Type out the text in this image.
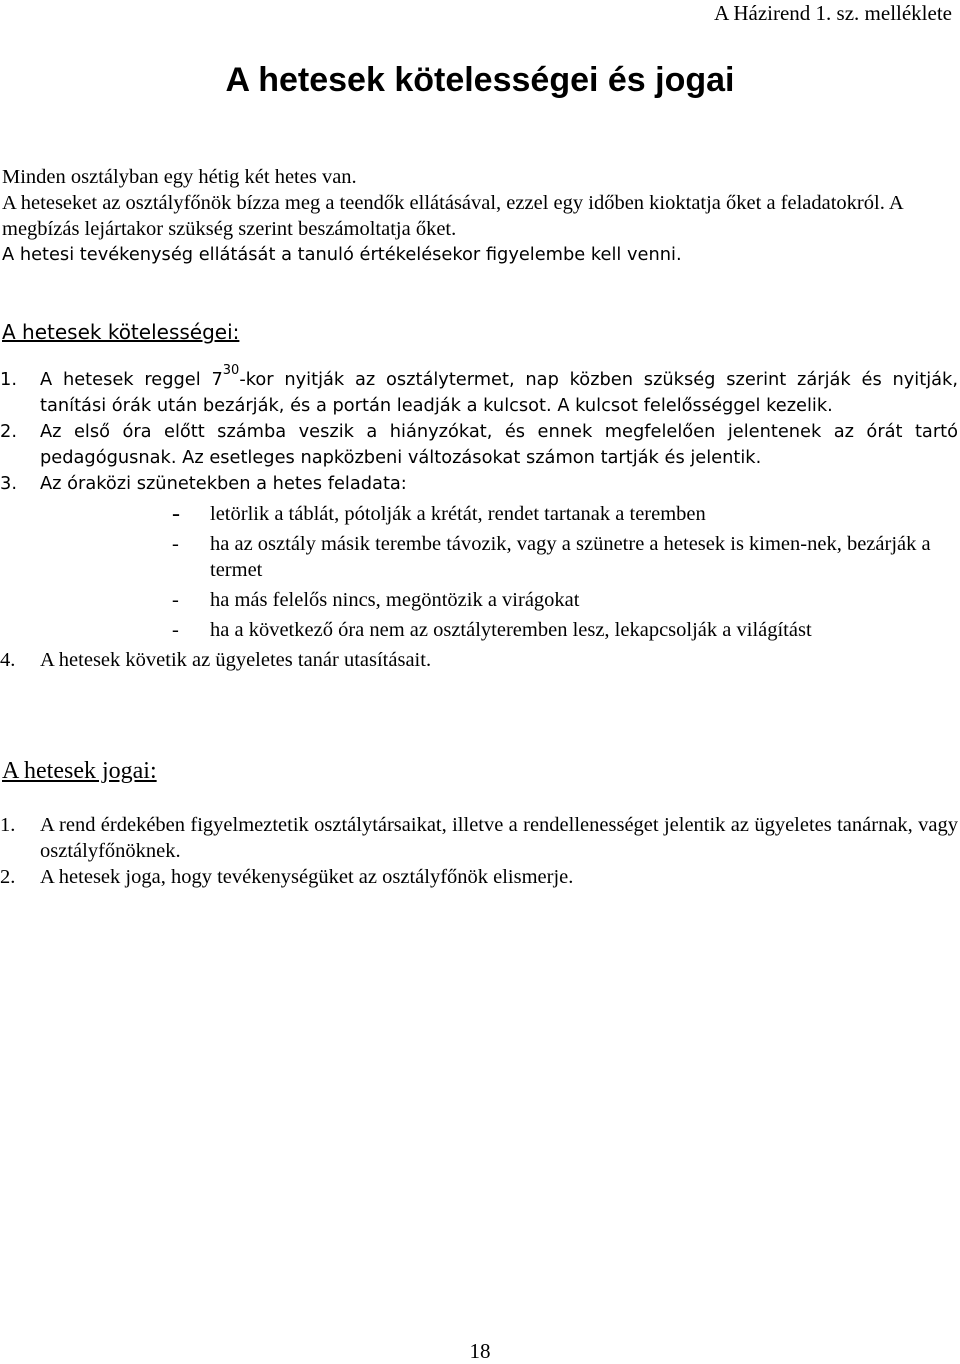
A Házirend 1. sz. melléklete
A hetesek kötelességei és jogai

Minden osztályban egy hétig két hetes van.

A heteseket az osztályfőnök bízza meg a teendők ellátásával, ezzel egy időben kioktatja őket a feladatokról. A megbízás lejártakor szükség szerint beszámoltatja őket.

A hetesi tevékenység ellátását a tanuló értékelésekor figyelembe kell venni.

A hetesek kötelességei:
1.	A hetesek reggel $7^{30}$-kor nyitják az osztálytermet, nap közben szükség szerint zárják és nyitják, tanítási órák után bezárják, és a portán leadják a kulcsot. A kulcsot felelősséggel kezelik.
2.	Az első óra előtt számba veszik a hiányzókat, és ennek megfelelően jelentenek az órát tartó pedagógusnak. Az esetleges napközbeni változásokat számon tartják és jelentik.
3.	Az óraközi szünetekben a hetes feladata:
- letörlik a táblát, pótolják a krétát, rendet tartanak a teremben
- ha az osztály másik terembe távozik, vagy a szünetre a hetesek is kimen-nek, bezárják a termet
- ha más felelős nincs, megöntözik a virágokat
- ha a következő óra nem az osztályteremben lesz, lekapcsolják a világítást
4.	A hetesek követik az ügyeletes tanár utasításait.
A hetesek jogai:
1.	A rend érdekében figyelmeztetik osztálytársaikat, illetve a rendellenességet jelentik az ügyeletes tanárnak, vagy osztályfőnöknek.
2.	A hetesek joga, hogy tevékenységüket az osztályfőnök elismerje.
18
